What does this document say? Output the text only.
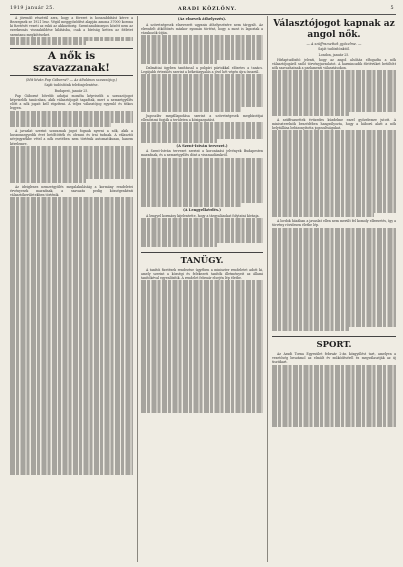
1919 január 25.	ARADI KÖZLÖNY.	5

A jövendő részérül arra, hogy a föveret is hosszabbítást kérve a Bezzegnek se 1921 lesz. Végül meggyőződést alapján amona 37000 korona ki fizetését vezeti az eskü az akkuzitorig. Szemtanubizonyos között nem az ezerkronás visszaküldése kilátásba, csak a bíróság ketten az ítéletet szemtanu megkötéseket.

A nők is szavazzanak!
(Mit kíván Pap Gáborné? — Az általános szavazójog.)
Saját tudósítónk telefonjelentése.
Budapest, január 25.

Pap Gáborné bővebb adatjai mondta képviselői a szavazójogot képviselők tanácsban, akik választójogát tagadtak, mert a nemzetgyűlés előtt a nők jogait kell rögzíteni. A teljes választójog egyenlő és titkos legyen.

A javaslat szerint szavaznak jogot fognak nyerni a nők, akik a huszonnegyedik évet betöltötték és olvasni és írni tudnak. A választói névjegyzékbe vétel a nők esetében nem történik automatikusan, hanem kérelemre.

Az ideiglenes nemzetgyűlés megalakulásáig a kormány rendeletei érvényesek maradnak, a szavazás pedig községenkénti választókerületekben történik.

(Az elnevek áthelyezés).

A szövetségesek elnevezett ugyanis áthelyezésére nem tárgyalt. Az elrendelt átköltözés máskor nyomán történt, hogy a most is lapoztak a várakozók útján.

Dalmátiai ügyben tanítással a polgári pártokkal előzetes a tanács. Legújabb értesülés szerint a béketárgyalás a jövő hét végén újra összeül.

Jugoszláv megállapodása szerint a szövetségesek megbízottjai ellenőrizni fogják a területen a közigazgatást.

(A Szent-István tervezet.)

A Szent-István tervezet szerint a koronázási jelvények Budapesten maradnak, és a nemzetgyűlés dönt a visszaadásukról.

(A Lengyelkérdés.)

A lengyel kormány kijelentette, hogy a tárgyalásokat folytatni kívánja.

TANÜGY.

A tanítói fizetések rendezése ügyében a miniszter rendeletet adott ki, amely szerint a községi és felekezeti tanítók illetményeit az állami tanítókéval egyenlősítik. A rendelet február elsején lép életbe.

Választójogot kapnak az angol nők.
— A szüffrazsettek győzelme. —
Saját tudósítónktól.
London, január 25.

Hírlaptudósító jelenti, hogy az angol alsóház elfogadta a nők választójogáról szóló törvényjavaslatot. A harmincadik életévüket betöltött nők szavazhatnak a parlamenti választásokon.

A szüffrazsettek évtizedes küzdelme ezzel győzelemre jutott. A miniszterelnök beszédében hangsúlyozta, hogy a háború alatt a nők helytállása bebizonyította jogosultságukat.

A lordok házában a javaslat ellen nem merült fel komoly ellenvetés, így a törvény rövidesen életbe lép.

SPORT.

Az Aradi Torna Egyesület február 2-án közgyűlést tart, amelyen a vezetőség beszámol az elmúlt év működéséről és megválasztják az új tisztikart.
